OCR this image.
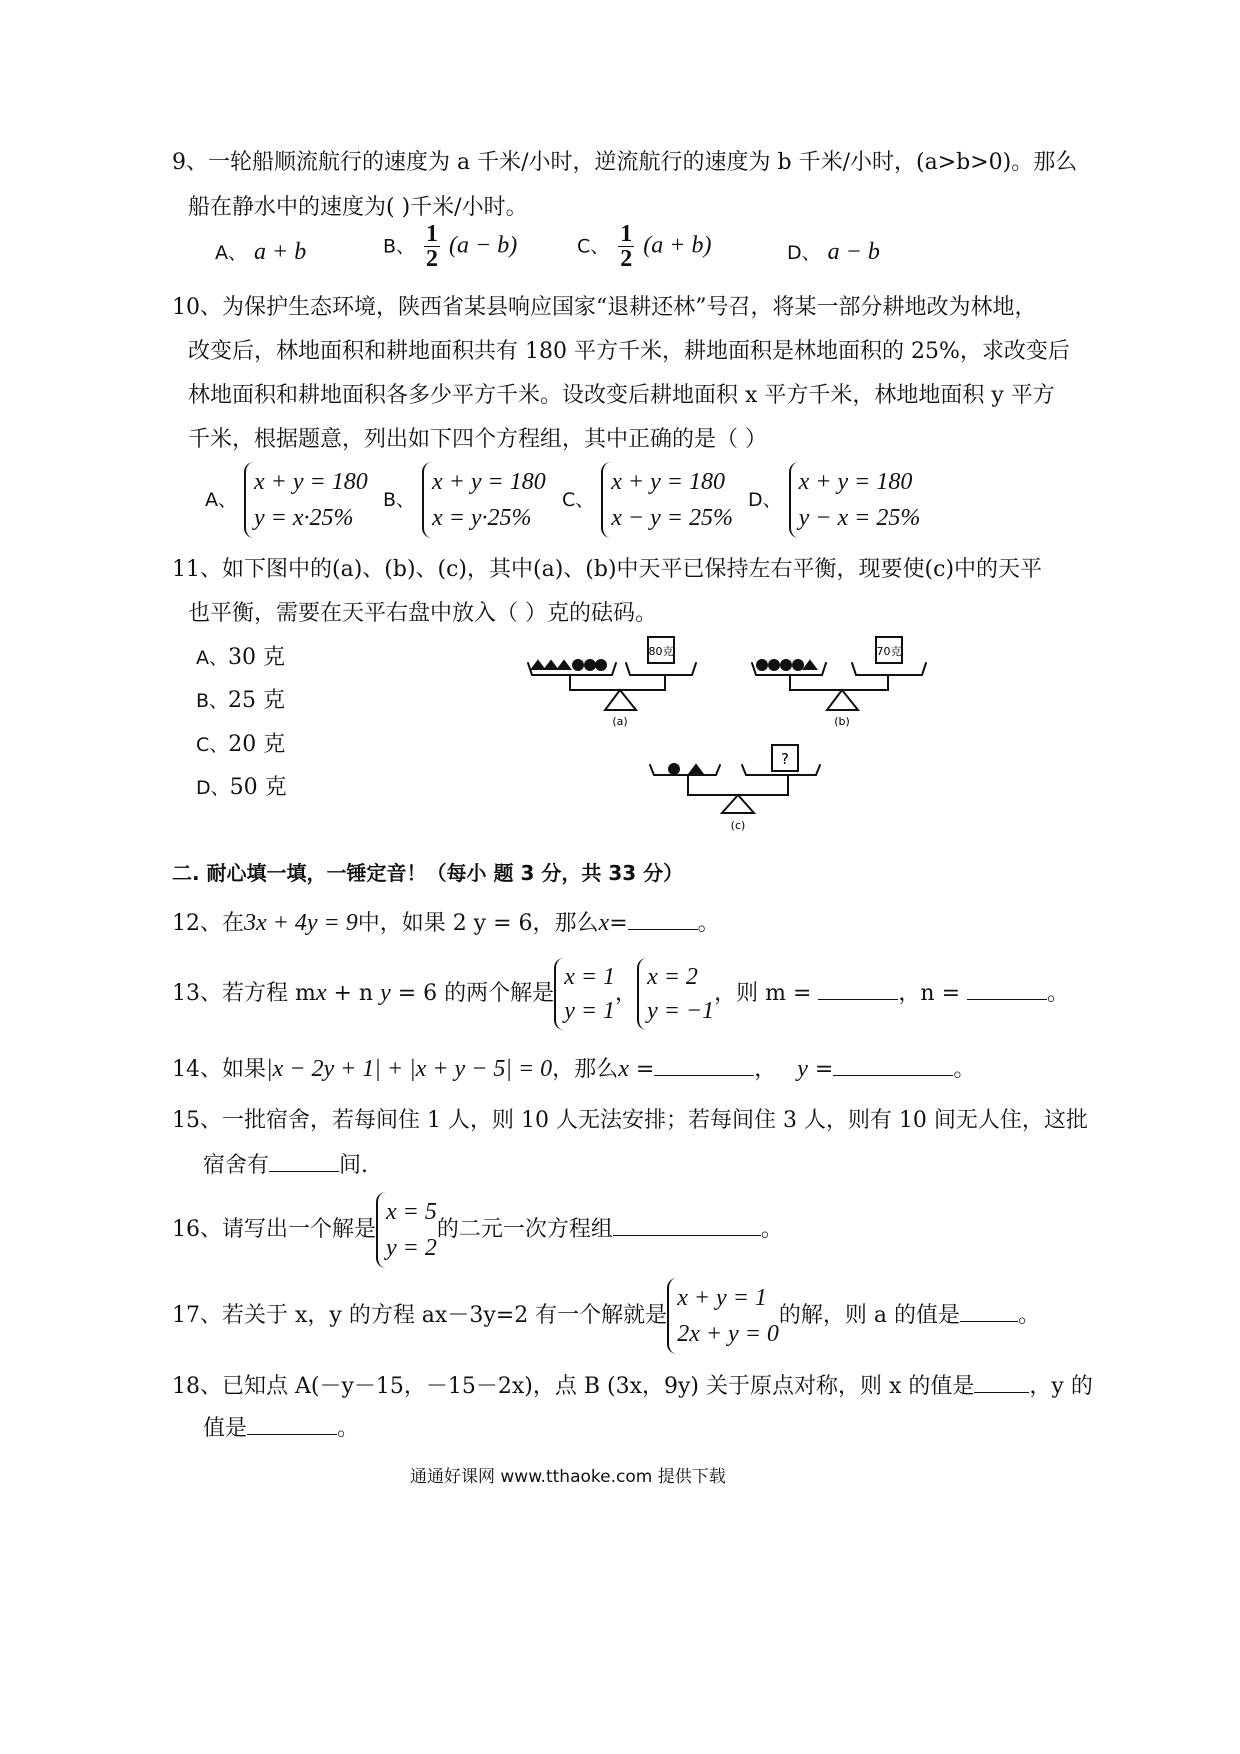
9、一轮船顺流航行的速度为 a 千米/小时，逆流航行的速度为 b 千米/小时，(a>b>0)。那么
船在静水中的速度为( )千米/小时。
A、 a + b	B、 $\frac{1}{2} (a - b)$	C、 $\frac{1}{2} (a + b)$	D、 a − b
10、为保护生态环境，陕西省某县响应国家“退耕还林”号召，将某一部分耕地改为林地，
改变后，林地面积和耕地面积共有 180 平方千米，耕地面积是林地面积的 25%，求改变后
林地面积和耕地面积各多少平方千米。设改变后耕地面积 x 平方千米，林地地面积 y 平方
千米，根据题意，列出如下四个方程组，其中正确的是（ ）
A、
x + y = 180
y = x·25%
B、
x + y = 180
x = y·25%
C、
x + y = 180
x − y = 25%
D、
x + y = 180
y − x = 25%
11、如下图中的(a)、(b)、(c)，其中(a)、(b)中天平已保持左右平衡，现要使(c)中的天平
也平衡，需要在天平右盘中放入（ ）克的砝码。
A、30 克
B、25 克
C、20 克
D、50 克
80克	70克
?
(a)	(b)
(c)
二. 耐心填一填，一锤定音！（每小 题 3 分，共 33 分）
12、在3x + 4y = 9中，如果 2 y = 6，那么x=	。
13、若方程 mx + n y = 6 的两个解是
x = 1
y = 1
，
x = 2
y = −1
，则 m =	，n =	。
14、如果|x − 2y + 1| + |x + y − 5| = 0，那么x =	， y =	。
15、一批宿舍，若每间住 1 人，则 10 人无法安排；若每间住 3 人，则有 10 间无人住，这批
宿舍有	间.
16、请写出一个解是
x = 5
y = 2
的二元一次方程组	。
17、若关于 x，y 的方程 ax－3y=2 有一个解就是
x + y = 1
2x + y = 0
的解，则 a 的值是	。
18、已知点 A(－y－15，－15－2x)，点 B (3x，9y) 关于原点对称，则 x 的值是	，y 的
值是	。
通通好课网 www.tthaoke.com 提供下载
